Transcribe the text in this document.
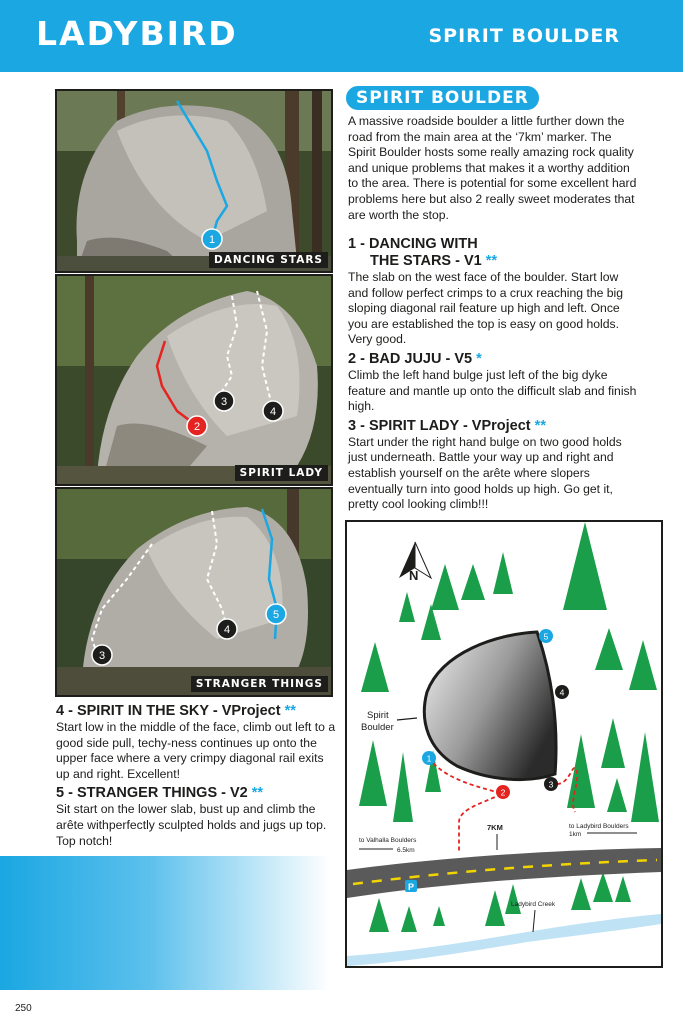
LADYBIRD	SPIRIT BOULDER
1
DANCING STARS
2
3
4
SPIRIT LADY
3
4
5
STRANGER THINGS
SPIRIT BOULDER

A massive roadside boulder a little further down the road from the main area at the ‘7km’ marker. The Spirit Boulder hosts some really amazing rock quality and unique problems that makes it a worthy addition to the area. There is potential for some excellent hard problems here but also 2 really sweet moderates that are worth the stop.

1 - DANCING WITH
THE STARS - V1 **

The slab on the west face of the boulder. Start low and follow perfect crimps to a crux reaching the big sloping diagonal rail feature up high and left. Once you are established the top is easy on good holds. Very good.

2 - BAD JUJU - V5 *

Climb the left hand bulge just left of the big dyke feature and mantle up onto the difficult slab and finish high.

3 - SPIRIT LADY - VProject **

Start under the right hand bulge on two good holds just underneath. Battle your way up and right and establish yourself on the arête where slopers eventually turn into good holds up high. Go get it, pretty cool looking climb!!!

4 - SPIRIT IN THE SKY - VProject **

Start low in the middle of the face, climb out left to a good side pull, techy-ness continues up onto the upper face where a very crimpy diagonal rail exits up and right. Excellent!

5 - STRANGER THINGS - V2 **

Sit start on the lower slab, bust up and climb the arête withperfectly sculpted holds and jugs up top. Top notch!

N
Spirit
Boulder
1
2
3
4
5
7KM
to Valhalla Boulders
6.5km
to Ladybird Boulders
1km
P
Ladybird Creek
250
